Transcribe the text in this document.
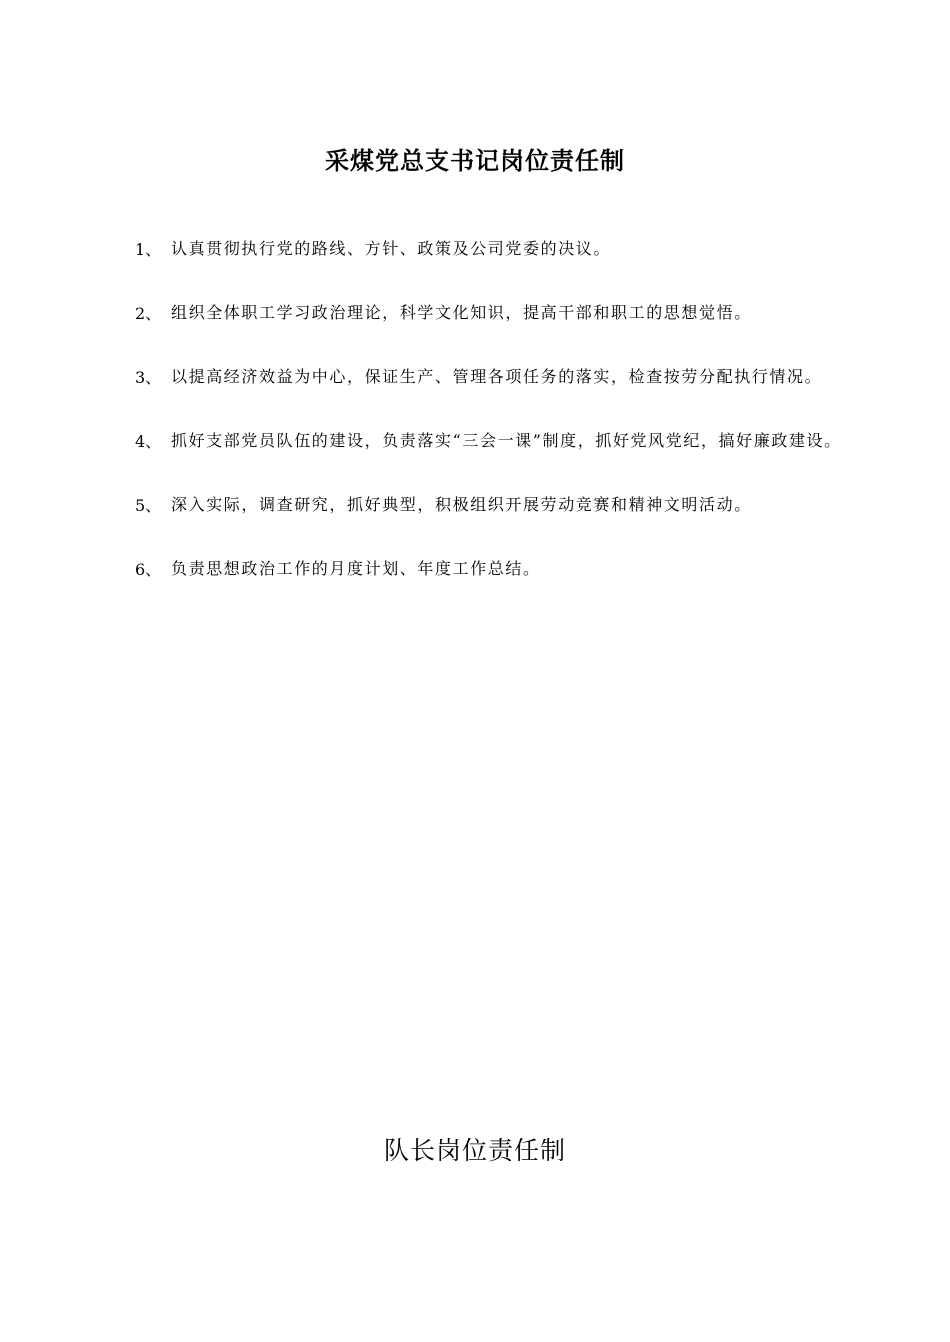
采煤党总支书记岗位责任制
1、 认真贯彻执行党的路线、方针、政策及公司党委的决议。
2、 组织全体职工学习政治理论，科学文化知识，提高干部和职工的思想觉悟。
3、 以提高经济效益为中心，保证生产、管理各项任务的落实，检查按劳分配执行情况。
4、 抓好支部党员队伍的建设，负责落实“三会一课”制度，抓好党风党纪，搞好廉政建设。
5、 深入实际，调查研究，抓好典型，积极组织开展劳动竞赛和精神文明活动。
6、 负责思想政治工作的月度计划、年度工作总结。
队长岗位责任制
